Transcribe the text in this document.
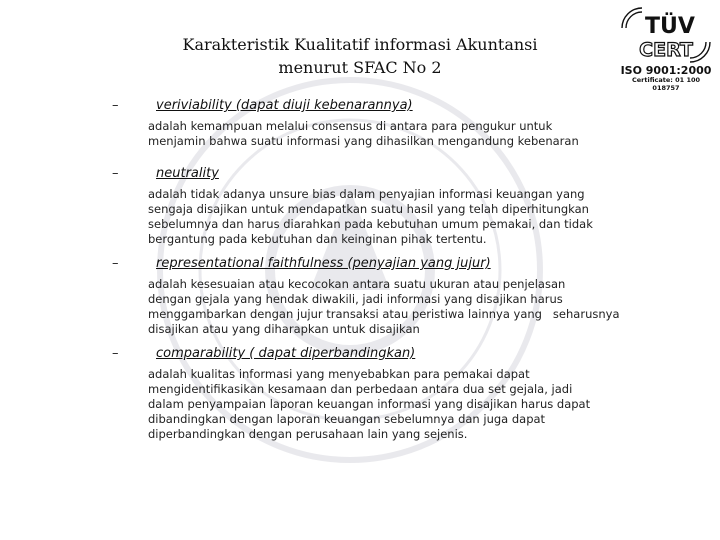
Karakteristik Kualitatif informasi Akuntansi
menurut SFAC No 2
TÜV
CERT
ISO 9001:2000
Certificate: 01 100 018757
–	veriviability (dapat diuji kebenarannya)
adalah kemampuan melalui consensus di antara para pengukur untuk
menjamin bahwa suatu informasi yang dihasilkan mengandung kebenaran
–	neutrality
adalah tidak adanya unsure bias dalam penyajian informasi keuangan yang
sengaja disajikan untuk mendapatkan suatu hasil yang telah diperhitungkan
sebelumnya dan harus diarahkan pada kebutuhan umum pemakai, dan tidak
bergantung pada kebutuhan dan keinginan pihak tertentu.
–	representational faithfulness (penyajian yang jujur)
adalah kesesuaian atau kecocokan antara suatu ukuran atau penjelasan
dengan gejala yang hendak diwakili, jadi informasi yang disajikan harus
menggambarkan dengan jujur transaksi atau peristiwa lainnya yang   seharusnya
disajikan atau yang diharapkan untuk disajikan
–	comparability ( dapat diperbandingkan)
adalah kualitas informasi yang menyebabkan para pemakai dapat
mengidentifikasikan kesamaan dan perbedaan antara dua set gejala, jadi
dalam penyampaian laporan keuangan informasi yang disajikan harus dapat
dibandingkan dengan laporan keuangan sebelumnya dan juga dapat
diperbandingkan dengan perusahaan lain yang sejenis.
